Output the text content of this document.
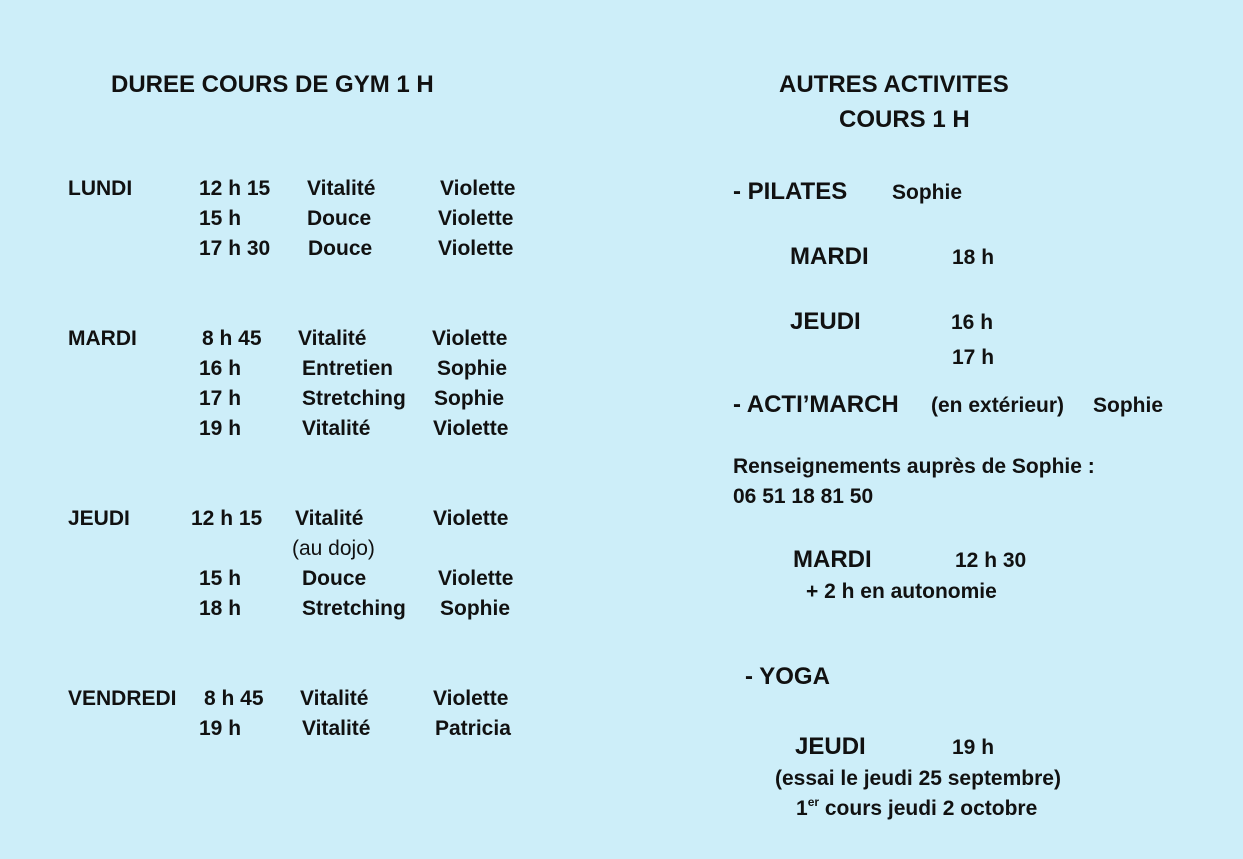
DUREE COURS DE GYM 1 H
LUNDI	12 h 15 Vitalité	Violette
15 h	Douce	Violette
17 h 30 Douce	Violette
MARDI	8 h 45 Vitalité	Violette
16 h	Entretien Sophie
17 h	Stretching Sophie
19 h	Vitalité	Violette
JEUDI	12 h 15 Vitalité	Violette
(au dojo)
15 h	Douce	Violette
18 h	Stretching Sophie
VENDREDI 8 h 45 Vitalité	Violette
19 h	Vitalité	Patricia
AUTRES ACTIVITES
COURS 1 H
- PILATES Sophie
MARDI	18 h
JEUDI	16 h
17 h
- ACTI’MARCH (en extérieur) Sophie
Renseignements auprès de Sophie :
06 51 18 81 50
MARDI	12 h 30
+ 2 h en autonomie
- YOGA
JEUDI	19 h
(essai le jeudi 25 septembre)
1er cours jeudi 2 octobre
